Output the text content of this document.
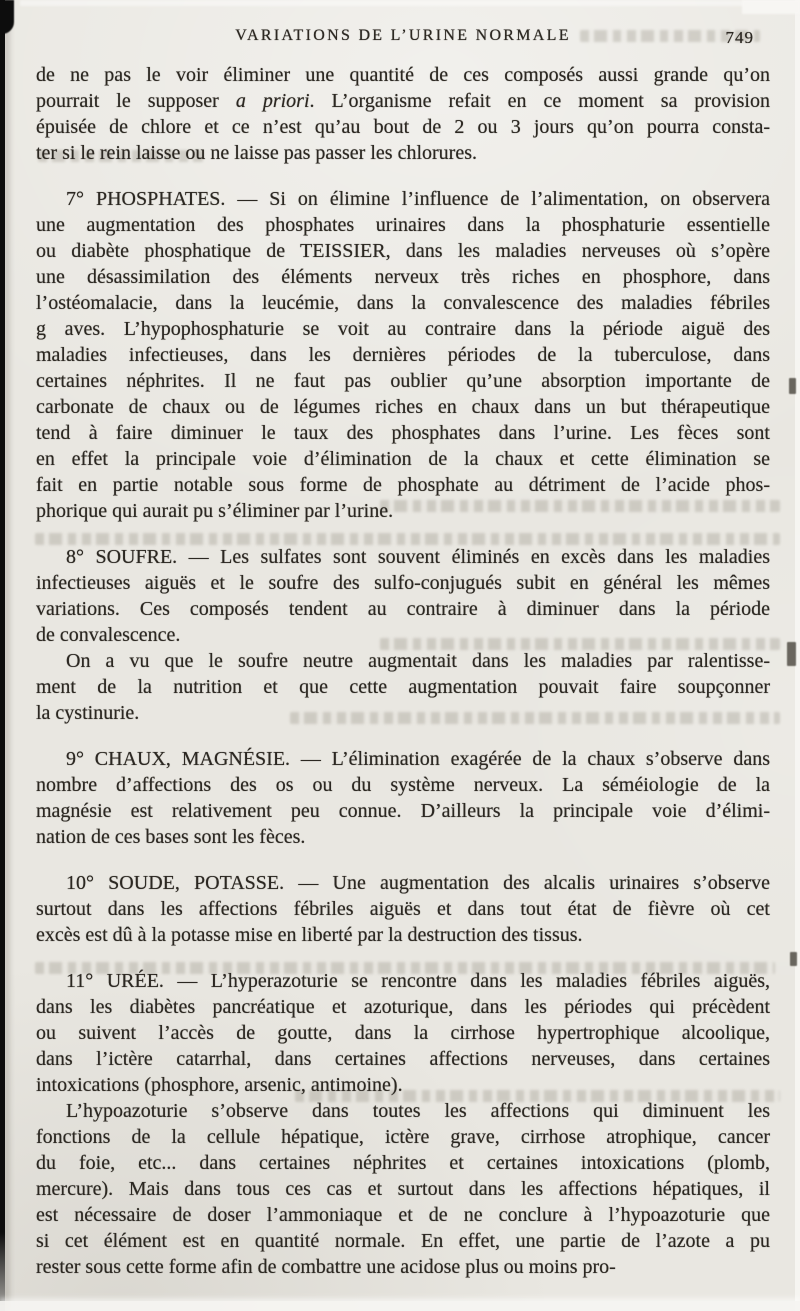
VARIATIONS DE L’URINE NORMALE	749
de ne pas le voir éliminer une quantité de ces composés aussi grande qu’on
pourrait le supposer a priori. L’organisme refait en ce moment sa provision
épuisée de chlore et ce n’est qu’au bout de 2 ou 3 jours qu’on pourra consta-
ter si le rein laisse ou ne laisse pas passer les chlorures.
7° PHOSPHATES. — Si on élimine l’influence de l’alimentation, on observera
une augmentation des phosphates urinaires dans la phosphaturie essentielle
ou diabète phosphatique de TEISSIER, dans les maladies nerveuses où s’opère
une désassimilation des éléments nerveux très riches en phosphore, dans
l’ostéomalacie, dans la leucémie, dans la convalescence des maladies fébriles
g aves. L’hypophosphaturie se voit au contraire dans la période aiguë des
maladies infectieuses, dans les dernières périodes de la tuberculose, dans
certaines néphrites. Il ne faut pas oublier qu’une absorption importante de
carbonate de chaux ou de légumes riches en chaux dans un but thérapeutique
tend à faire diminuer le taux des phosphates dans l’urine. Les fèces sont
en effet la principale voie d’élimination de la chaux et cette élimination se
fait en partie notable sous forme de phosphate au détriment de l’acide phos-
phorique qui aurait pu s’éliminer par l’urine.
8° SOUFRE. — Les sulfates sont souvent éliminés en excès dans les maladies
infectieuses aiguës et le soufre des sulfo-conjugués subit en général les mêmes
variations. Ces composés tendent au contraire à diminuer dans la période
de convalescence.
On a vu que le soufre neutre augmentait dans les maladies par ralentisse-
ment de la nutrition et que cette augmentation pouvait faire soupçonner
la cystinurie.
9° CHAUX, MAGNÉSIE. — L’élimination exagérée de la chaux s’observe dans
nombre d’affections des os ou du système nerveux. La séméiologie de la
magnésie est relativement peu connue. D’ailleurs la principale voie d’élimi-
nation de ces bases sont les fèces.
10° SOUDE, POTASSE. — Une augmentation des alcalis urinaires s’observe
surtout dans les affections fébriles aiguës et dans tout état de fièvre où cet
excès est dû à la potasse mise en liberté par la destruction des tissus.
11° URÉE. — L’hyperazoturie se rencontre dans les maladies fébriles aiguës,
dans les diabètes pancréatique et azoturique, dans les périodes qui précèdent
ou suivent l’accès de goutte, dans la cirrhose hypertrophique alcoolique,
dans l’ictère catarrhal, dans certaines affections nerveuses, dans certaines
intoxications (phosphore, arsenic, antimoine).
L’hypoazoturie s’observe dans toutes les affections qui diminuent les
fonctions de la cellule hépatique, ictère grave, cirrhose atrophique, cancer
du foie, etc... dans certaines néphrites et certaines intoxications (plomb,
mercure). Mais dans tous ces cas et surtout dans les affections hépatiques, il
est nécessaire de doser l’ammoniaque et de ne conclure à l’hypoazoturie que
si cet élément est en quantité normale. En effet, une partie de l’azote a pu
rester sous cette forme afin de combattre une acidose plus ou moins pro-
